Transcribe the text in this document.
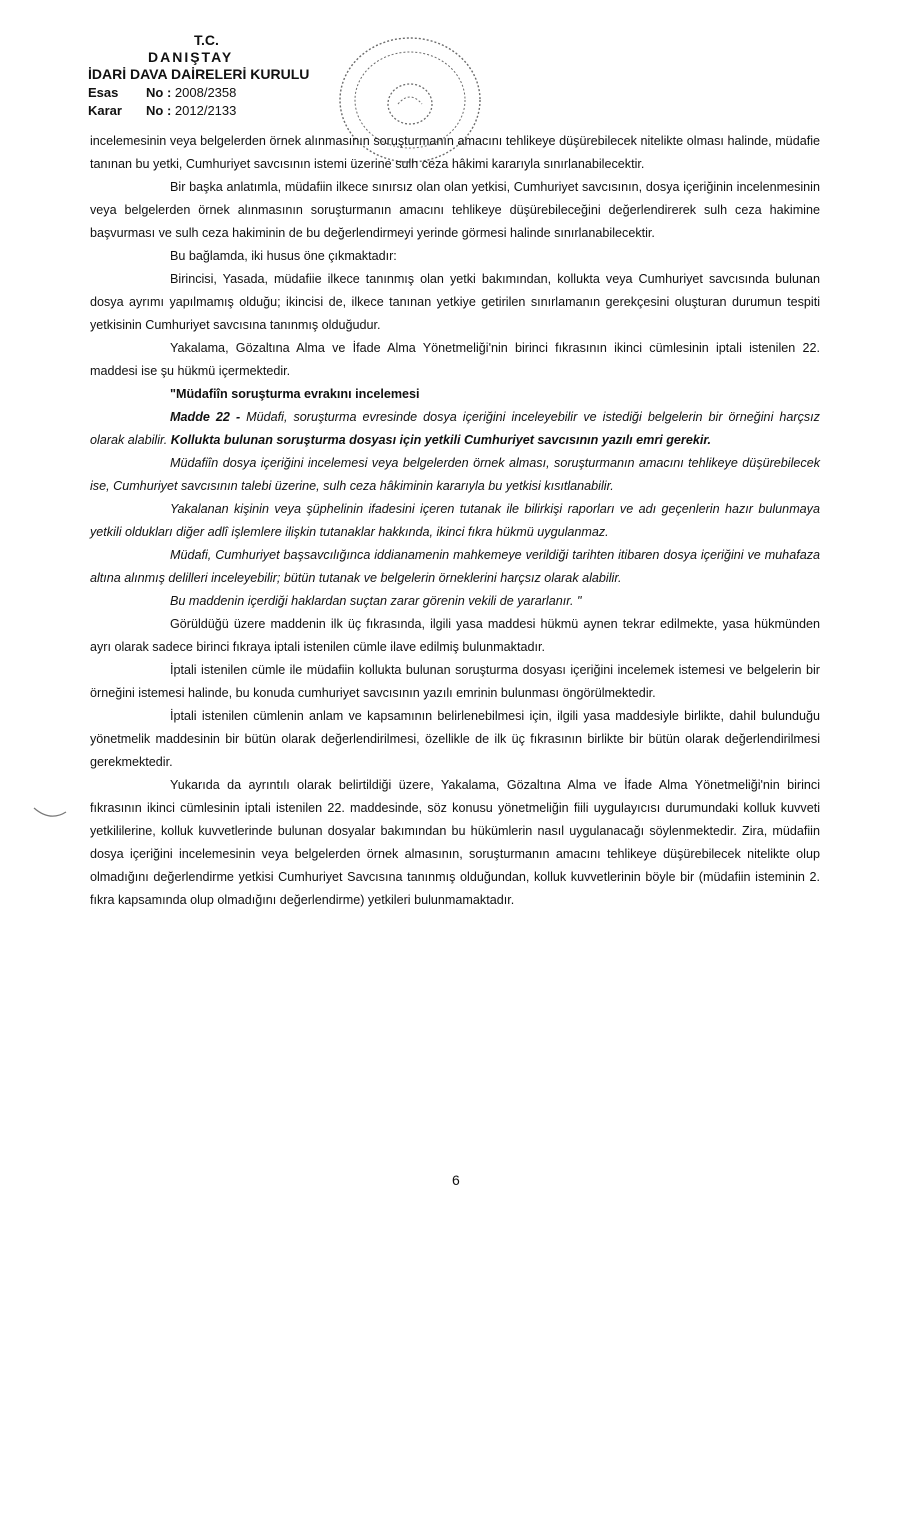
T.C.
DANIŞTAY
İDARİ DAVA DAİRELERİ KURULU
Esas No : 2008/2358
Karar No : 2012/2133

incelemesinin veya belgelerden örnek alınmasının soruşturmanın amacını tehlikeye düşürebilecek nitelikte olması halinde, müdafie tanınan bu yetki, Cumhuriyet savcısının istemi üzerine sulh ceza hâkimi kararıyla sınırlanabilecektir.

Bir başka anlatımla, müdafiin ilkece sınırsız olan olan yetkisi, Cumhuriyet savcısının, dosya içeriğinin incelenmesinin veya belgelerden örnek alınmasının soruşturmanın amacını tehlikeye düşürebileceğini değerlendirerek sulh ceza hakimine başvurması ve sulh ceza hakiminin de bu değerlendirmeyi yerinde görmesi halinde sınırlanabilecektir.

Bu bağlamda, iki husus öne çıkmaktadır:

Birincisi, Yasada, müdafiie ilkece tanınmış olan yetki bakımından, kollukta veya Cumhuriyet savcısında bulunan dosya ayrımı yapılmamış olduğu; ikincisi de, ilkece tanınan yetkiye getirilen sınırlamanın gerekçesini oluşturan durumun tespiti yetkisinin Cumhuriyet savcısına tanınmış olduğudur.

Yakalama, Gözaltına Alma ve İfade Alma Yönetmeliği'nin birinci fıkrasının ikinci cümlesinin iptali istenilen 22. maddesi ise şu hükmü içermektedir.

"Müdafiîn soruşturma evrakını incelemesi

Madde 22 - Müdafi, soruşturma evresinde dosya içeriğini inceleyebilir ve istediği belgelerin bir örneğini harçsız olarak alabilir. Kollukta bulunan soruşturma dosyası için yetkili Cumhuriyet savcısının yazılı emri gerekir.

Müdafiîn dosya içeriğini incelemesi veya belgelerden örnek alması, soruşturmanın amacını tehlikeye düşürebilecek ise, Cumhuriyet savcısının talebi üzerine, sulh ceza hâkiminin kararıyla bu yetkisi kısıtlanabilir.

Yakalanan kişinin veya şüphelinin ifadesini içeren tutanak ile bilirkişi raporları ve adı geçenlerin hazır bulunmaya yetkili oldukları diğer adlî işlemlere ilişkin tutanaklar hakkında, ikinci fıkra hükmü uygulanmaz.

Müdafi, Cumhuriyet başsavcılığınca iddianamenin mahkemeye verildiği tarihten itibaren dosya içeriğini ve muhafaza altına alınmış delilleri inceleyebilir; bütün tutanak ve belgelerin örneklerini harçsız olarak alabilir.

Bu maddenin içerdiği haklardan suçtan zarar görenin vekili de yararlanır. "

Görüldüğü üzere maddenin ilk üç fıkrasında, ilgili yasa maddesi hükmü aynen tekrar edilmekte, yasa hükmünden ayrı olarak sadece birinci fıkraya iptali istenilen cümle ilave edilmiş bulunmaktadır.

İptali istenilen cümle ile müdafiin kollukta bulunan soruşturma dosyası içeriğini incelemek istemesi ve belgelerin bir örneğini istemesi halinde, bu konuda cumhuriyet savcısının yazılı emrinin bulunması öngörülmektedir.

İptali istenilen cümlenin anlam ve kapsamının belirlenebilmesi için, ilgili yasa maddesiyle birlikte, dahil bulunduğu yönetmelik maddesinin bir bütün olarak değerlendirilmesi, özellikle de ilk üç fıkrasının birlikte bir bütün olarak değerlendirilmesi gerekmektedir.

Yukarıda da ayrıntılı olarak belirtildiği üzere, Yakalama, Gözaltına Alma ve İfade Alma Yönetmeliği'nin birinci fıkrasının ikinci cümlesinin iptali istenilen 22. maddesinde, söz konusu yönetmeliğin fiili uygulayıcısı durumundaki kolluk kuvveti yetkililerine, kolluk kuvvetlerinde bulunan dosyalar bakımından bu hükümlerin nasıl uygulanacağı söylenmektedir. Zira, müdafiin dosya içeriğini incelemesinin veya belgelerden örnek almasının, soruşturmanın amacını tehlikeye düşürebilecek nitelikte olup olmadığını değerlendirme yetkisi Cumhuriyet Savcısına tanınmış olduğundan, kolluk kuvvetlerinin böyle bir (müdafiin isteminin 2. fıkra kapsamında olup olmadığını değerlendirme) yetkileri bulunmamaktadır.

6
